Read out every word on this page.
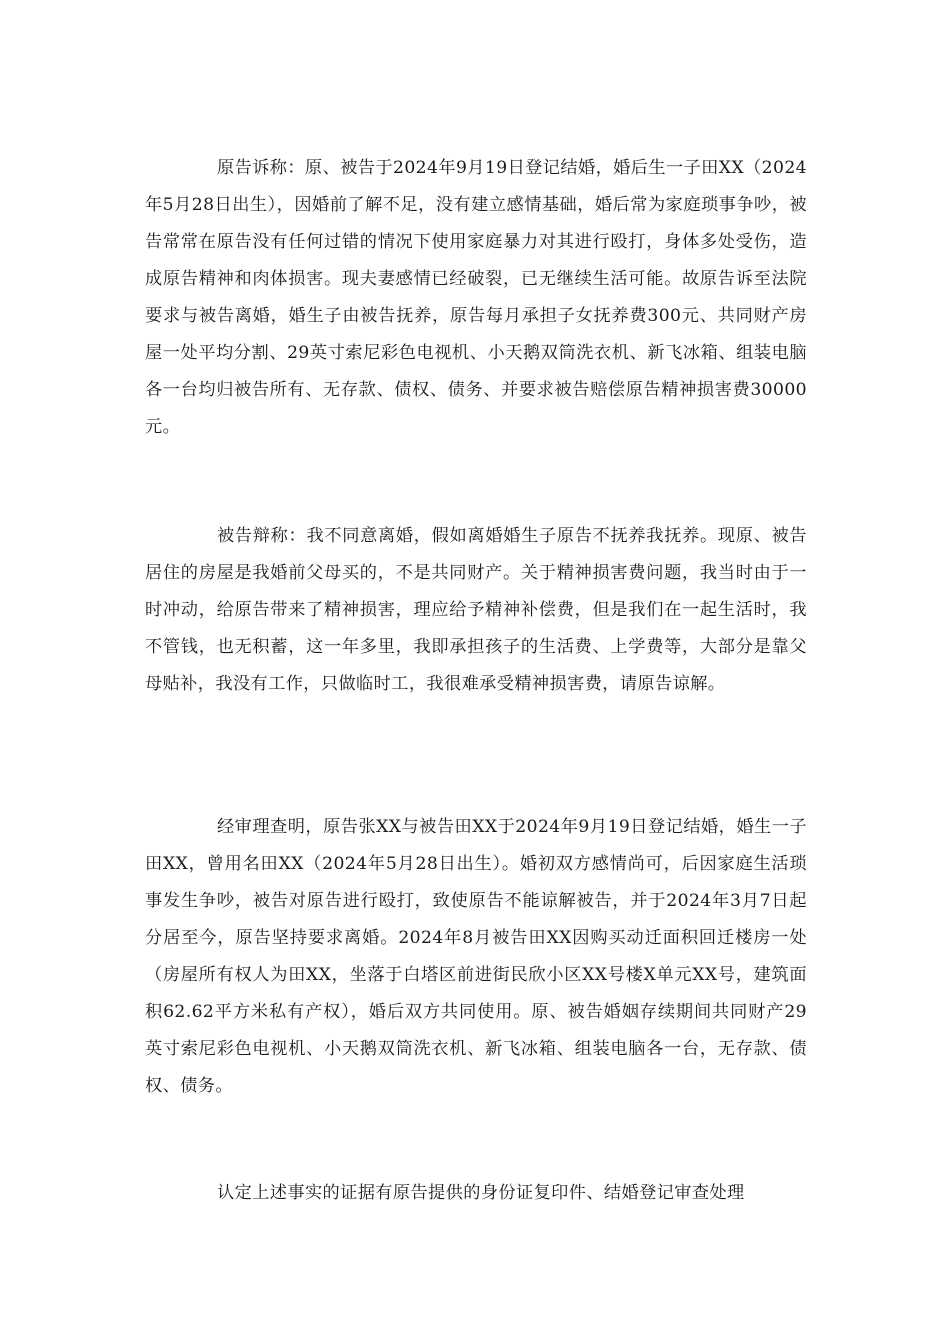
原告诉称：原、被告于2024年9月19日登记结婚，婚后生一子田XX（2024年5月28日出生），因婚前了解不足，没有建立感情基础，婚后常为家庭琐事争吵，被告常常在原告没有任何过错的情况下使用家庭暴力对其进行殴打，身体多处受伤，造成原告精神和肉体损害。现夫妻感情已经破裂，已无继续生活可能。故原告诉至法院要求与被告离婚，婚生子由被告抚养，原告每月承担子女抚养费300元、共同财产房屋一处平均分割、29英寸索尼彩色电视机、小天鹅双筒洗衣机、新飞冰箱、组装电脑各一台均归被告所有、无存款、债权、债务、并要求被告赔偿原告精神损害费30000元。

被告辩称：我不同意离婚，假如离婚婚生子原告不抚养我抚养。现原、被告居住的房屋是我婚前父母买的，不是共同财产。关于精神损害费问题，我当时由于一时冲动，给原告带来了精神损害，理应给予精神补偿费，但是我们在一起生活时，我不管钱，也无积蓄，这一年多里，我即承担孩子的生活费、上学费等，大部分是靠父母贴补，我没有工作，只做临时工，我很难承受精神损害费，请原告谅解。

经审理查明，原告张XX与被告田XX于2024年9月19日登记结婚，婚生一子田XX，曾用名田XX（2024年5月28日出生）。婚初双方感情尚可，后因家庭生活琐事发生争吵，被告对原告进行殴打，致使原告不能谅解被告，并于2024年3月7日起分居至今，原告坚持要求离婚。2024年8月被告田XX因购买动迁面积回迁楼房一处（房屋所有权人为田XX，坐落于白塔区前进街民欣小区XX号楼X单元XX号，建筑面积62.62平方米私有产权），婚后双方共同使用。原、被告婚姻存续期间共同财产29英寸索尼彩色电视机、小天鹅双筒洗衣机、新飞冰箱、组装电脑各一台，无存款、债权、债务。

认定上述事实的证据有原告提供的身份证复印件、结婚登记审查处理
